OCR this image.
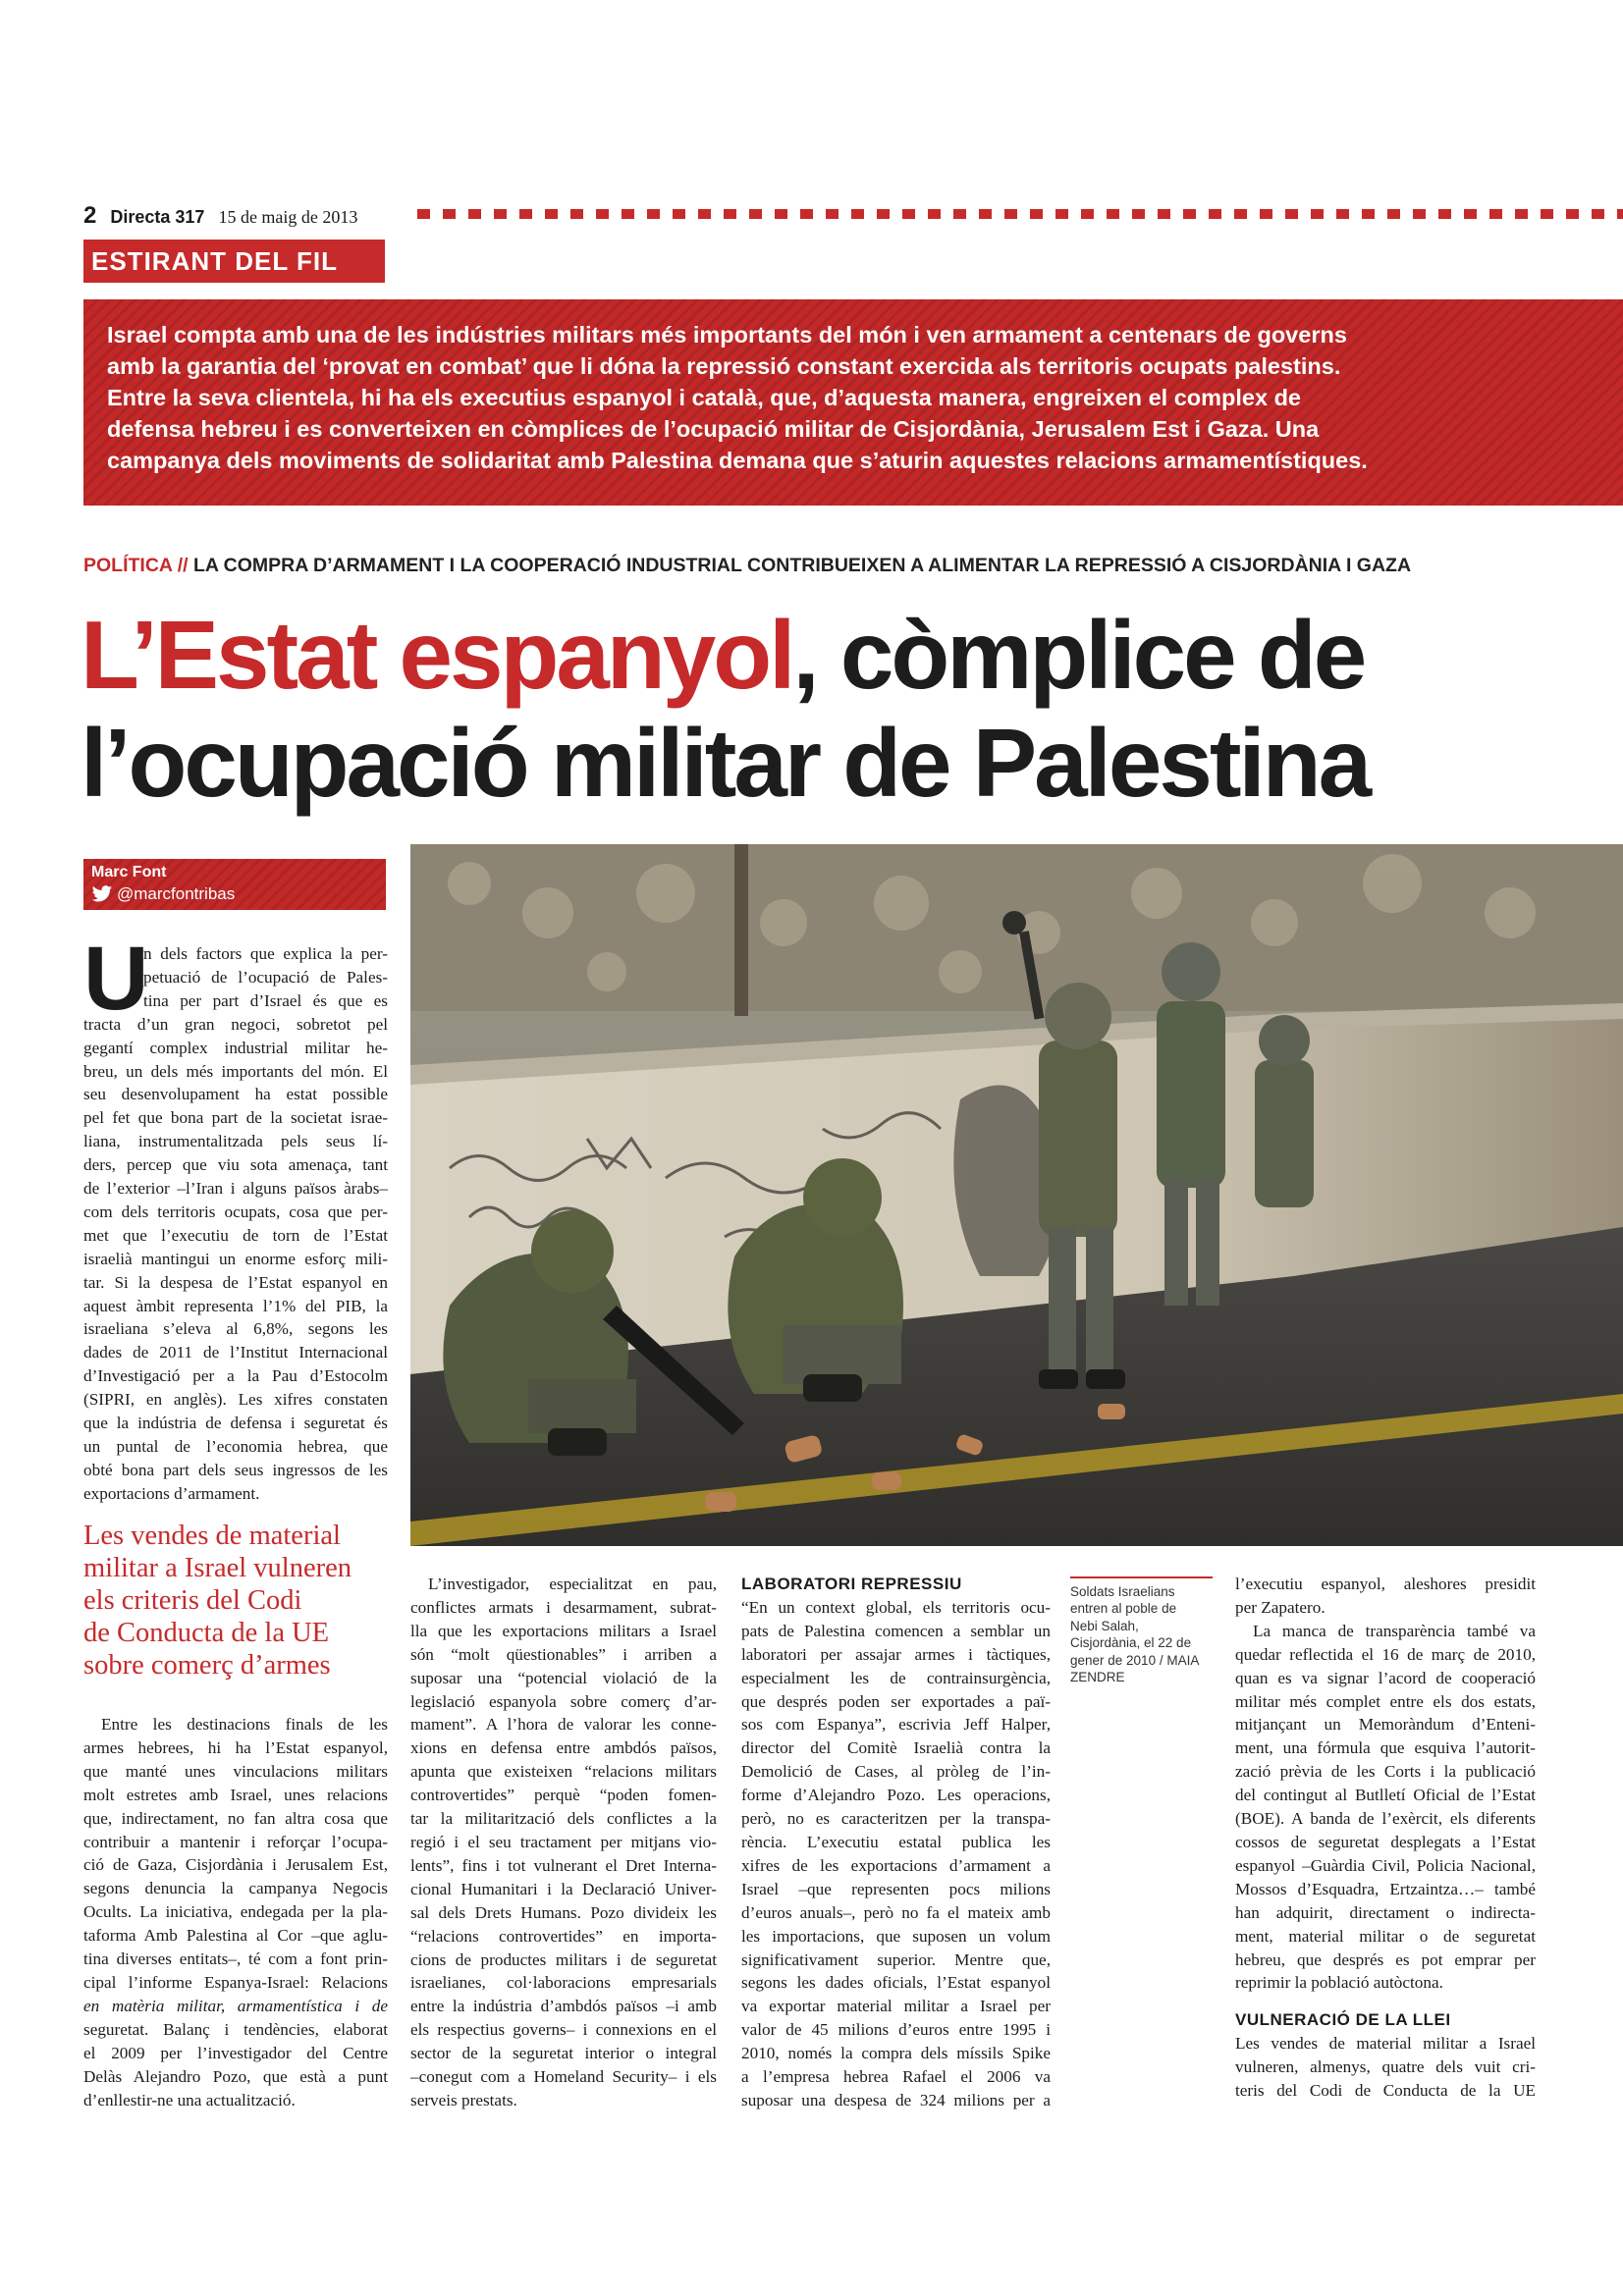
2 Directa 317 15 de maig de 2013
ESTIRANT DEL FIL

Israel compta amb una de les indústries militars més importants del món i ven armament a centenars de governs

amb la garantia del ‘provat en combat’ que li dóna la repressió constant exercida als territoris ocupats palestins.

Entre la seva clientela, hi ha els executius espanyol i català, que, d’aquesta manera, engreixen el complex de

defensa hebreu i es converteixen en còmplices de l’ocupació militar de Cisjordània, Jerusalem Est i Gaza. Una

campanya dels moviments de solidaritat amb Palestina demana que s’aturin aquestes relacions armamentístiques.

POLÍTICA // LA COMPRA D’ARMAMENT I LA COOPERACIÓ INDUSTRIAL CONTRIBUEIXEN A ALIMENTAR LA REPRESSIÓ A CISJORDÀNIA I GAZA
L’Estat espanyol, còmplice de
l’ocupació militar de Palestina
Marc Font
@marcfontribas
U

n dels factors que explica la per-

petuació de l’ocupació de Pales-

tina per part d’Israel és que es

tracta d’un gran negoci, sobretot pel

gegantí complex industrial militar he-

breu, un dels més importants del món. El

seu desenvolupament ha estat possible

pel fet que bona part de la societat israe-

liana, instrumentalitzada pels seus lí-

ders, percep que viu sota amenaça, tant

de l’exterior –l’Iran i alguns països àrabs–

com dels territoris ocupats, cosa que per-

met que l’executiu de torn de l’Estat

israelià mantingui un enorme esforç mili-

tar. Si la despesa de l’Estat espanyol en

aquest àmbit representa l’1% del PIB, la

israeliana s’eleva al 6,8%, segons les

dades de 2011 de l’Institut Internacional

d’Investigació per a la Pau d’Estocolm

(SIPRI, en anglès). Les xifres constaten

que la indústria de defensa i seguretat és

un puntal de l’economia hebrea, que

obté bona part dels seus ingressos de les

exportacions d’armament.

Les vendes de material

militar a Israel vulneren

els criteris del Codi

de Conducta de la UE

sobre comerç d’armes

Entre les destinacions finals de les

armes hebrees, hi ha l’Estat espanyol,

que manté unes vinculacions militars

molt estretes amb Israel, unes relacions

que, indirectament, no fan altra cosa que

contribuir a mantenir i reforçar l’ocupa-

ció de Gaza, Cisjordània i Jerusalem Est,

segons denuncia la campanya Negocis

Ocults. La iniciativa, endegada per la pla-

taforma Amb Palestina al Cor –que aglu-

tina diverses entitats–, té com a font prin-

cipal l’informe Espanya-Israel: Relacions

en matèria militar, armamentística i de

seguretat. Balanç i tendències, elaborat

el 2009 per l’investigador del Centre

Delàs Alejandro Pozo, que està a punt

d’enllestir-ne una actualització.

L’investigador, especialitzat en pau,

conflictes armats i desarmament, subrat-

lla que les exportacions militars a Israel

són “molt qüestionables” i arriben a

suposar una “potencial violació de la

legislació espanyola sobre comerç d’ar-

mament”. A l’hora de valorar les conne-

xions en defensa entre ambdós països,

apunta que existeixen “relacions militars

controvertides” perquè “poden fomen-

tar la militarització dels conflictes a la

regió i el seu tractament per mitjans vio-

lents”, fins i tot vulnerant el Dret Interna-

cional Humanitari i la Declaració Univer-

sal dels Drets Humans. Pozo divideix les

“relacions controvertides” en importa-

cions de productes militars i de seguretat

israelianes, col·laboracions empresarials

entre la indústria d’ambdós països –i amb

els respectius governs– i connexions en el

sector de la seguretat interior o integral

–conegut com a Homeland Security– i els

serveis prestats.

LABORATORI REPRESSIU

“En un context global, els territoris ocu-

pats de Palestina comencen a semblar un

laboratori per assajar armes i tàctiques,

especialment les de contrainsurgència,

que després poden ser exportades a paï-

sos com Espanya”, escrivia Jeff Halper,

director del Comitè Israelià contra la

Demolició de Cases, al pròleg de l’in-

forme d’Alejandro Pozo. Les operacions,

però, no es caracteritzen per la transpa-

rència. L’executiu estatal publica les

xifres de les exportacions d’armament a

Israel –que representen pocs milions

d’euros anuals–, però no fa el mateix amb

les importacions, que suposen un volum

significativament superior. Mentre que,

segons les dades oficials, l’Estat espanyol

va exportar material militar a Israel per

valor de 45 milions d’euros entre 1995 i

2010, només la compra dels míssils Spike

a l’empresa hebrea Rafael el 2006 va

suposar una despesa de 324 milions per a

Soldats Israelians

entren al poble de

Nebi Salah,

Cisjordània, el 22 de

gener de 2010 / MAIA

ZENDRE

l’executiu espanyol, aleshores presidit

per Zapatero.

La manca de transparència també va

quedar reflectida el 16 de març de 2010,

quan es va signar l’acord de cooperació

militar més complet entre els dos estats,

mitjançant un Memoràndum d’Enteni-

ment, una fórmula que esquiva l’autorit-

zació prèvia de les Corts i la publicació

del contingut al Butlletí Oficial de l’Estat

(BOE). A banda de l’exèrcit, els diferents

cossos de seguretat desplegats a l’Estat

espanyol –Guàrdia Civil, Policia Nacional,

Mossos d’Esquadra, Ertzaintza…– també

han adquirit, directament o indirecta-

ment, material militar o de seguretat

hebreu, que després es pot emprar per

reprimir la població autòctona.

VULNERACIÓ DE LA LLEI

Les vendes de material militar a Israel

vulneren, almenys, quatre dels vuit cri-

teris del Codi de Conducta de la UE
